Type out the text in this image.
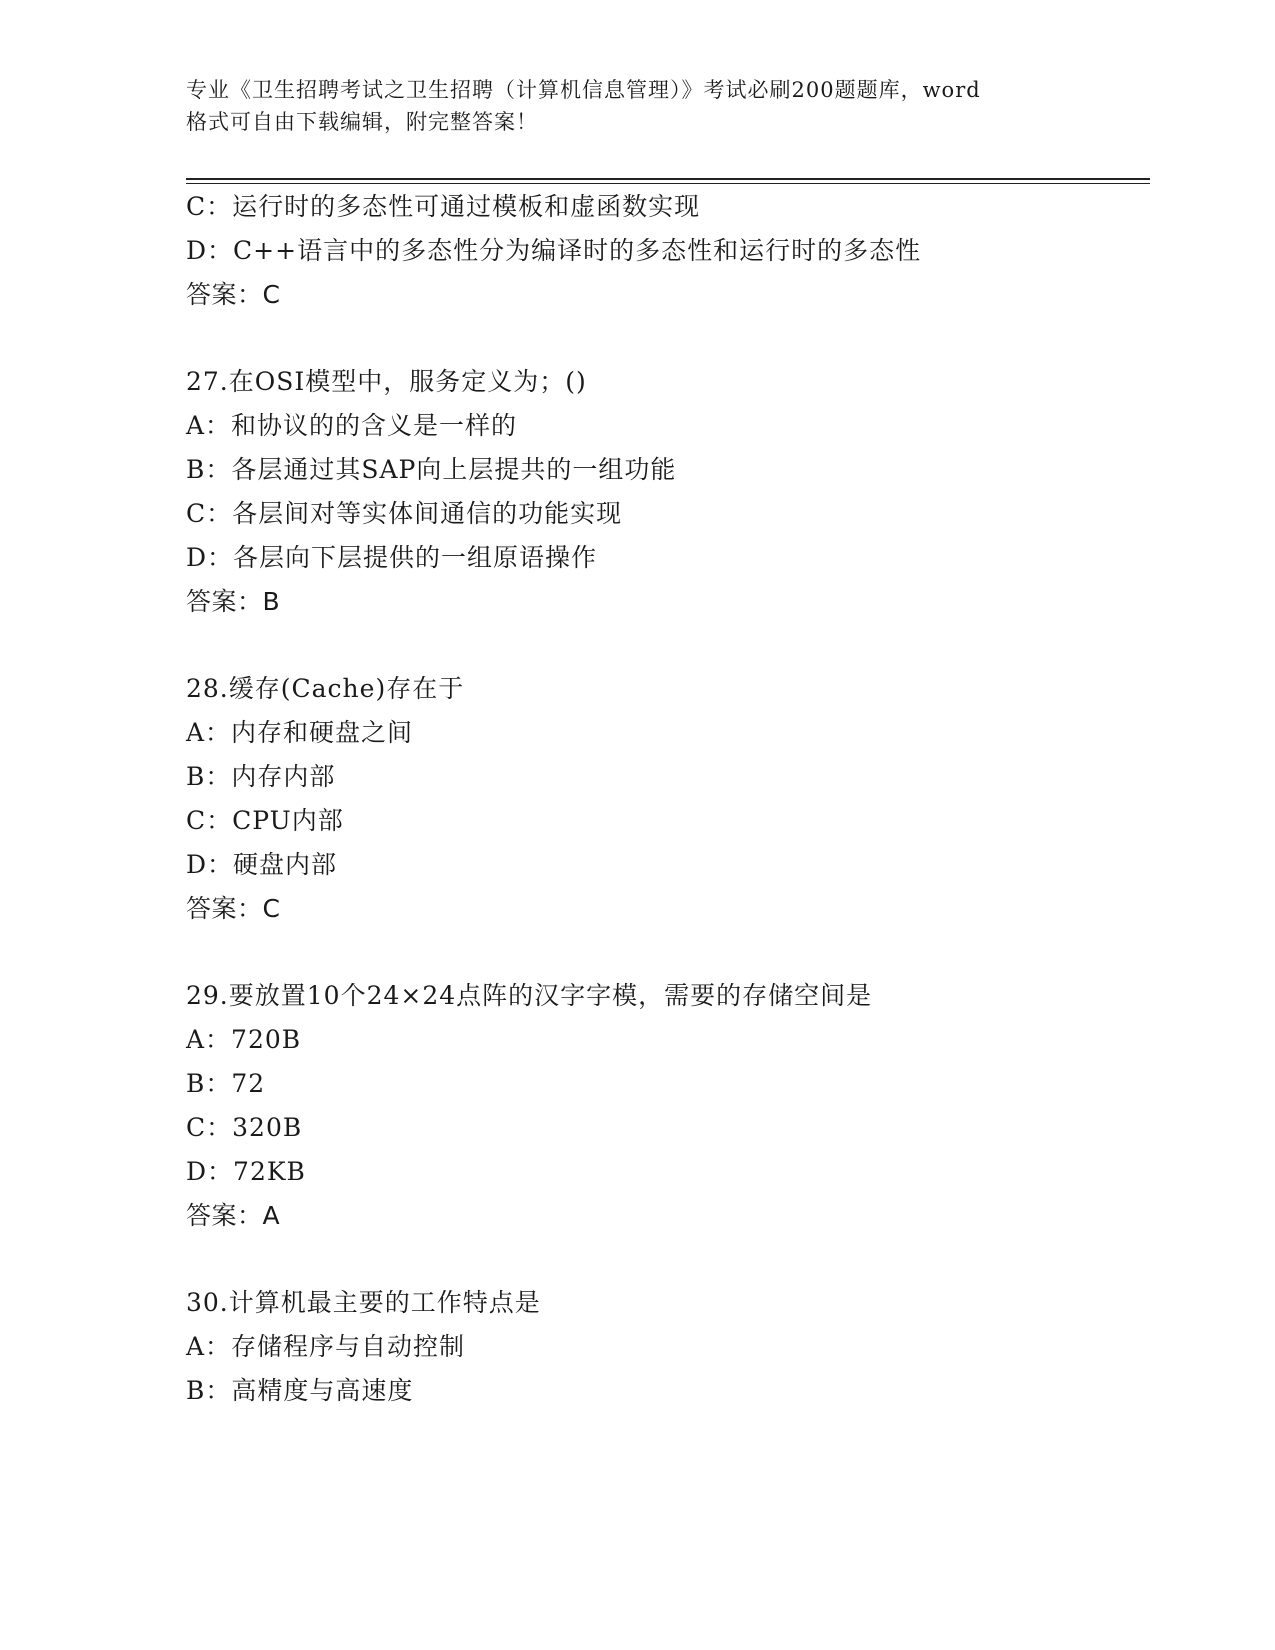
专业《卫生招聘考试之卫生招聘（计算机信息管理）》考试必刷200题题库，word
格式可自由下载编辑，附完整答案！
C：运行时的多态性可通过模板和虚函数实现
D：C++语言中的多态性分为编译时的多态性和运行时的多态性
答案：C
27.在OSI模型中，服务定义为；()
A：和协议的的含义是一样的
B：各层通过其SAP向上层提共的一组功能
C：各层间对等实体间通信的功能实现
D：各层向下层提供的一组原语操作
答案：B
28.缓存(Cache)存在于
A：内存和硬盘之间
B：内存内部
C：CPU内部
D：硬盘内部
答案：C
29.要放置10个24×24点阵的汉字字模，需要的存储空间是
A：720B
B：72
C：320B
D：72KB
答案：A
30.计算机最主要的工作特点是
A：存储程序与自动控制
B：高精度与高速度
